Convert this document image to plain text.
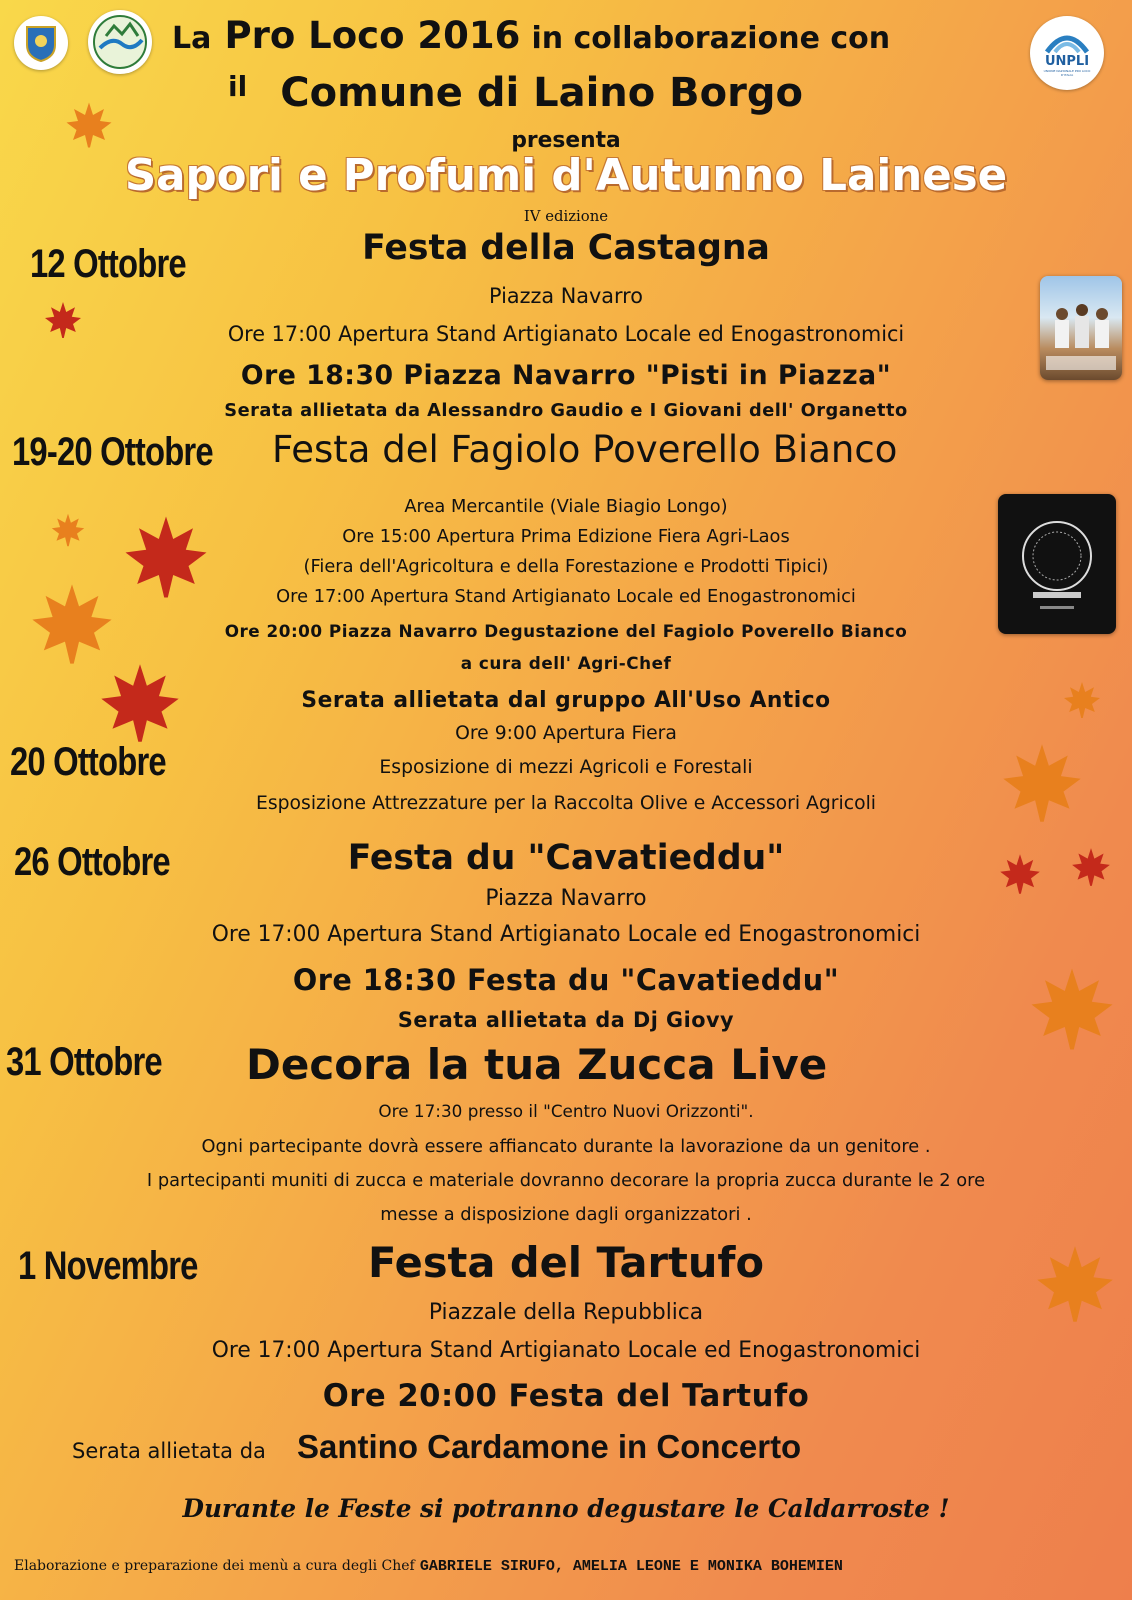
UNPLI
UNIONE NAZIONALE PRO LOCO D'ITALIA
La Pro Loco 2016 in collaborazione con
il Comune di Laino Borgo
presenta
Sapori e Profumi d'Autunno Lainese
IV edizione
12 Ottobre	Festa della Castagna
Piazza Navarro
Ore 17:00 Apertura Stand Artigianato Locale ed Enogastronomici
Ore 18:30 Piazza Navarro "Pisti in Piazza"
Serata allietata da Alessandro Gaudio e I Giovani dell' Organetto
19-20 Ottobre Festa del Fagiolo Poverello Bianco
Area Mercantile (Viale Biagio Longo)
Ore 15:00 Apertura Prima Edizione Fiera Agri-Laos
(Fiera dell'Agricoltura e della Forestazione e Prodotti Tipici)
Ore 17:00 Apertura Stand Artigianato Locale ed Enogastronomici
Ore 20:00 Piazza Navarro Degustazione del Fagiolo Poverello Bianco
a cura dell' Agri-Chef
Serata allietata dal gruppo All'Uso Antico
20 Ottobre
Ore 9:00 Apertura Fiera
Esposizione di mezzi Agricoli e Forestali
Esposizione Attrezzature per la Raccolta Olive e Accessori Agricoli
26 Ottobre	Festa du "Cavatieddu"
Piazza Navarro
Ore 17:00 Apertura Stand Artigianato Locale ed Enogastronomici
Ore 18:30 Festa du "Cavatieddu"
Serata allietata da Dj Giovy
31 Ottobre Decora la tua Zucca Live
Ore 17:30 presso il "Centro Nuovi Orizzonti".
Ogni partecipante dovrà essere affiancato durante la lavorazione da un genitore .
I partecipanti muniti di zucca e materiale dovranno decorare la propria zucca durante le 2 ore
messe a disposizione dagli organizzatori .
1 Novembre	Festa del Tartufo
Piazzale della Repubblica
Ore 17:00 Apertura Stand Artigianato Locale ed Enogastronomici
Ore 20:00 Festa del Tartufo
Serata allietata da Santino Cardamone in Concerto
Durante le Feste si potranno degustare le Caldarroste !
Elaborazione e preparazione dei menù a cura degli Chef GABRIELE SIRUFO, AMELIA LEONE E MONIKA BOHEMIEN
